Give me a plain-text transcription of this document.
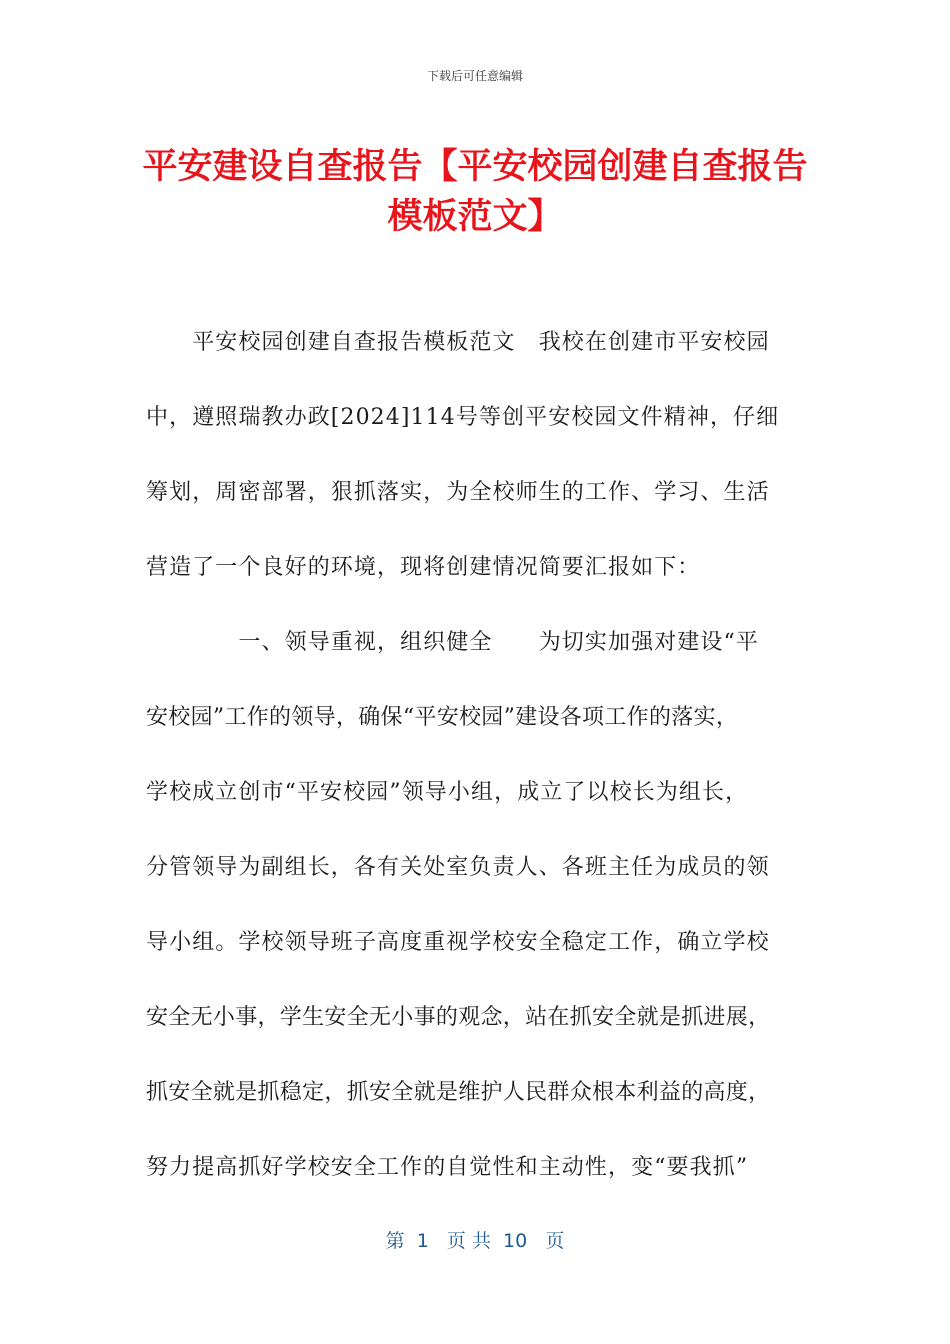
下载后可任意编辑
平安建设自查报告【平安校园创建自查报告
模板范文】
　　平安校园创建自查报告模板范文　我校在创建市平安校园
中，遵照瑞教办政[2024]114号等创平安校园文件精神，仔细
筹划，周密部署，狠抓落实，为全校师生的工作、学习、生活
营造了一个良好的环境，现将创建情况简要汇报如下：
　　　　一、领导重视，组织健全　　为切实加强对建设“平
安校园”工作的领导，确保“平安校园”建设各项工作的落实，
学校成立创市“平安校园”领导小组，成立了以校长为组长，
分管领导为副组长，各有关处室负责人、各班主任为成员的领
导小组。学校领导班子高度重视学校安全稳定工作，确立学校
安全无小事，学生安全无小事的观念，站在抓安全就是抓进展，
抓安全就是抓稳定，抓安全就是维护人民群众根本利益的高度，
努力提高抓好学校安全工作的自觉性和主动性，变“要我抓”
第  1   页 共  10   页
